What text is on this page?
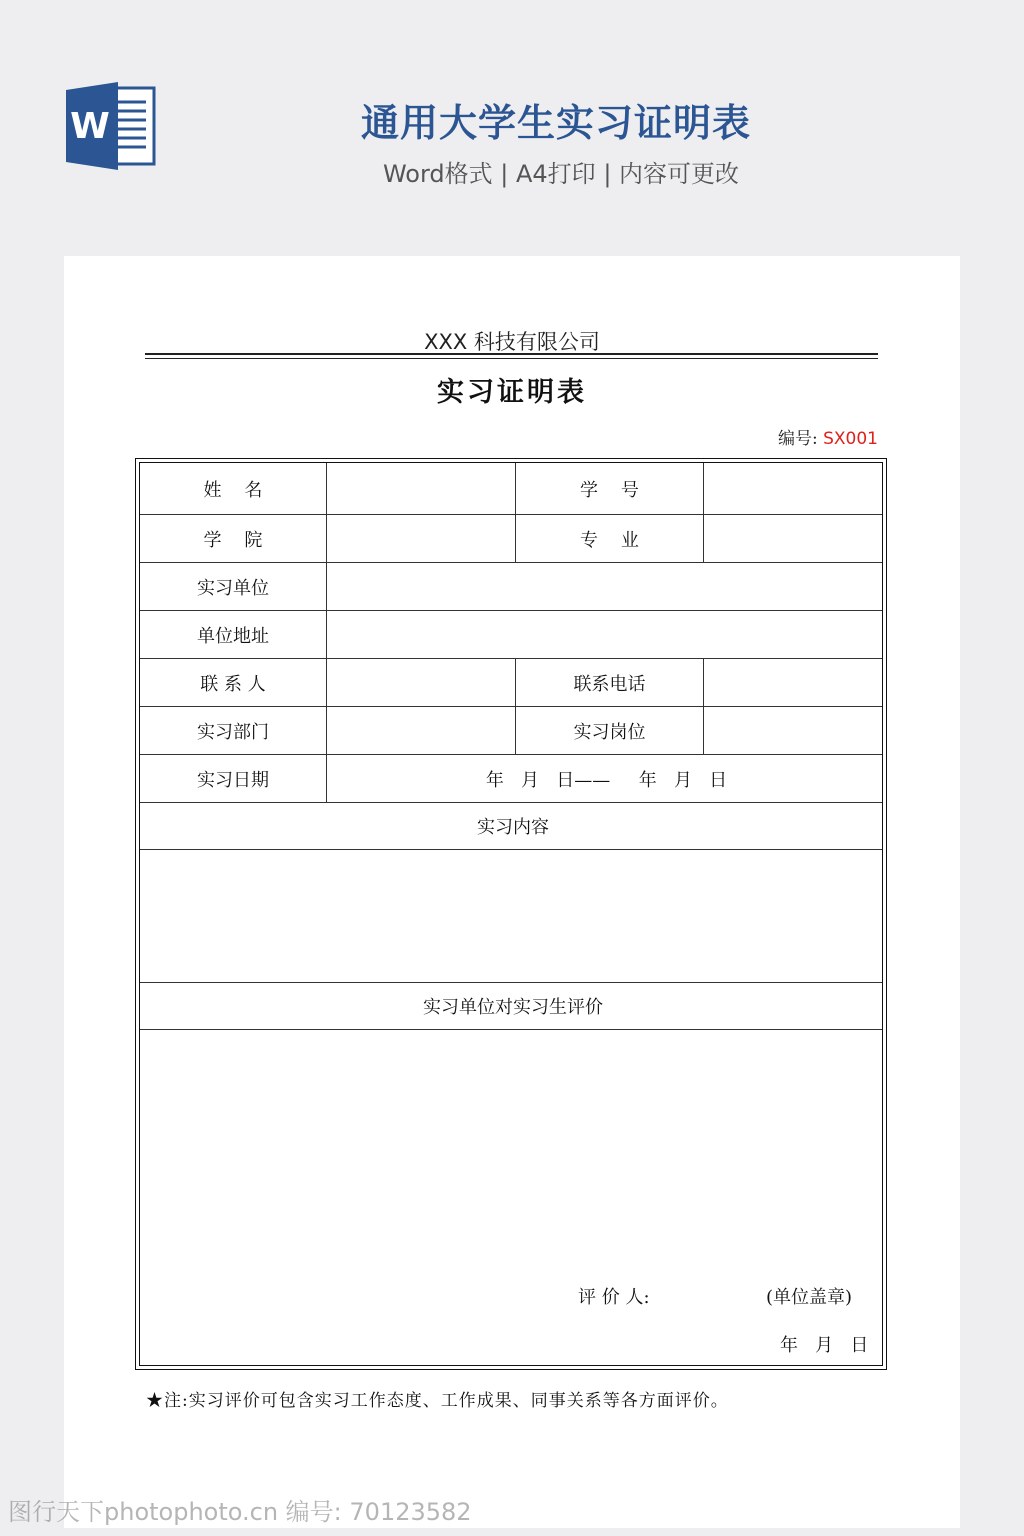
W	通用大学生实习证明表
Word格式 | A4打印 | 内容可更改
XXX 科技有限公司
实习证明表
编号: SX001
姓    名	学    号
学    院	专    业
实习单位
单位地址
联 系 人	联系电话
实习部门	实习岗位
实习日期	年   月   日——     年   月   日
实习内容
实习单位对实习生评价
评 价 人:	(单位盖章)
年   月   日
★注:实习评价可包含实习工作态度、工作成果、同事关系等各方面评价。
图行天下photophoto.cn 编号: 70123582
